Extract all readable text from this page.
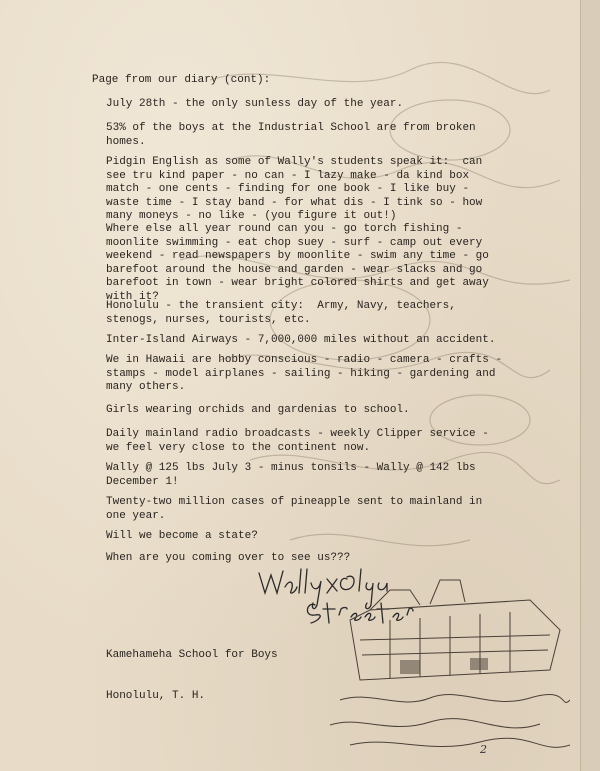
Page from our diary (cont):
July 28th - the only sunless day of the year.
53% of the boys at the Industrial School are from broken
homes.
Pidgin English as some of Wally's students speak it:  can
see tru kind paper - no can - I lazy make - da kind box
match - one cents - finding for one book - I like buy -
waste time - I stay band - for what dis - I tink so - how
many moneys - no like - (you figure it out!)
Where else all year round can you - go torch fishing -
moonlite swimming - eat chop suey - surf - camp out every
weekend - read newspapers by moonlite - swim any time - go
barefoot around the house and garden - wear slacks and go
barefoot in town - wear bright colored shirts and get away
with it?
Honolulu - the transient city:  Army, Navy, teachers,
stenogs, nurses, tourists, etc.
Inter-Island Airways - 7,000,000 miles without an accident.
We in Hawaii are hobby conscious - radio - camera - crafts -
stamps - model airplanes - sailing - hiking - gardening and
many others.
Girls wearing orchids and gardenias to school.
Daily mainland radio broadcasts - weekly Clipper service -
we feel very close to the continent now.
Wally @ 125 lbs July 3 - minus tonsils - Wally @ 142 lbs
December 1!
Twenty-two million cases of pineapple sent to mainland in
one year.
Will we become a state?
When are you coming over to see us???

Kamehameha School for Boys

Honolulu, T. H.

2
